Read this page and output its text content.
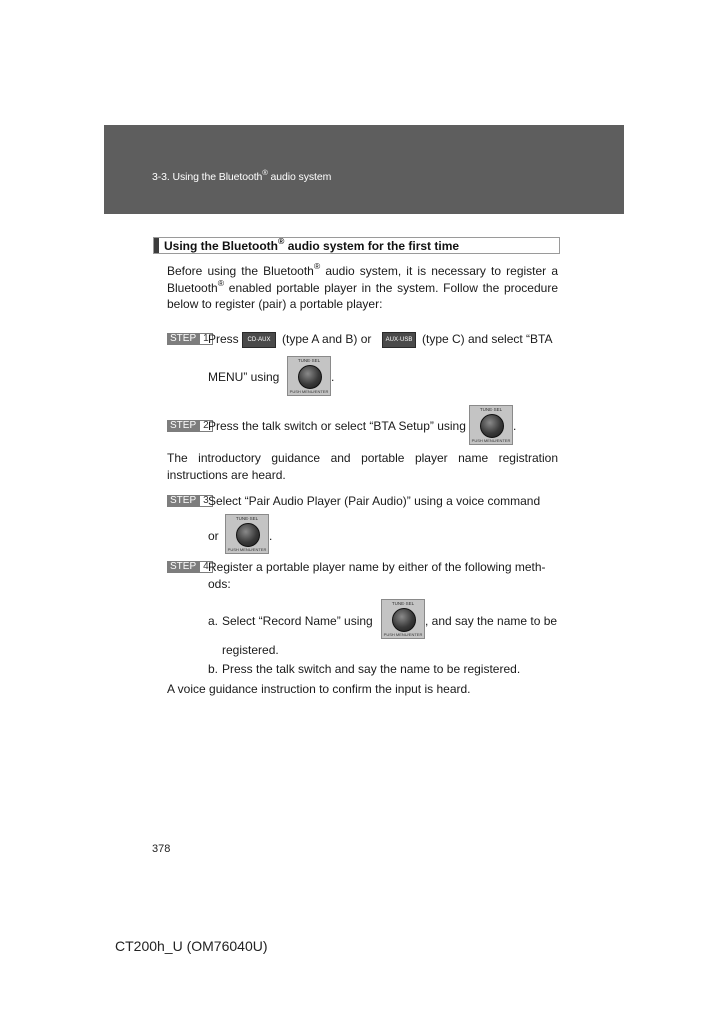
3-3. Using the Bluetooth® audio system
Using the Bluetooth® audio system for the first time
Before using the Bluetooth® audio system, it is necessary to register a Bluetooth® enabled portable player in the system. Follow the procedure below to register (pair) a portable player:
STEP 1 Press	CD·AUX (type A and B) or	AUX·USB (type C) and select “BTA
MENU” using
TUNE·SEL
PUSH MENU/ENTER
.
STEP 2 Press the talk switch or select “BTA Setup” using
TUNE·SEL
PUSH MENU/ENTER
.
The introductory guidance and portable player name registration instructions are heard.
STEP 3 Select “Pair Audio Player (Pair Audio)” using a voice command
or
TUNE·SEL
PUSH MENU/ENTER
.
STEP 4 Register a portable player name by either of the following meth-
ods:
a. Select “Record Name” using
TUNE·SEL
PUSH MENU/ENTER
, and say the name to be
registered.
b. Press the talk switch and say the name to be registered.
A voice guidance instruction to confirm the input is heard.
378
CT200h_U (OM76040U)
